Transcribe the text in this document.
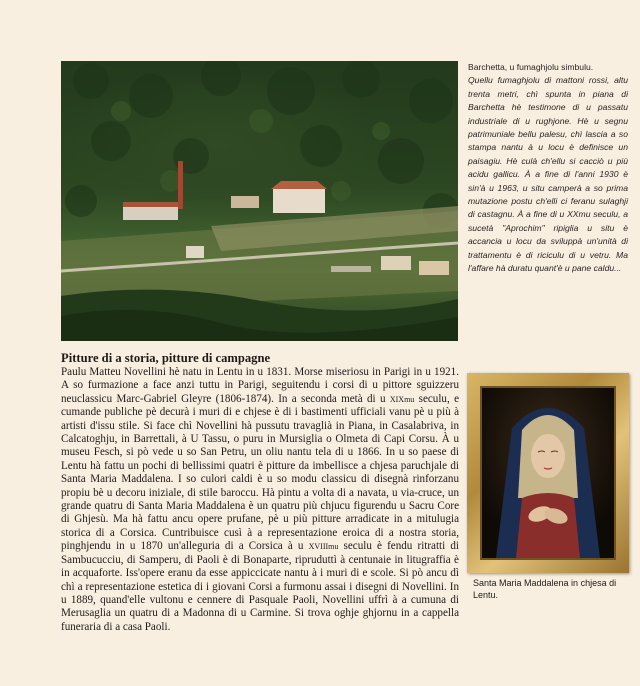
Barchetta, u fumaghjolu simbulu.
Quellu fumaghjolu di mattoni rossi, altu trenta metri, chì spunta in piana di Barchetta hè testimone di u passatu industriale di u rughjone. Hè u segnu patrimuniale bellu palesu, chì lascia a so stampa nantu à u locu è definisce un paisagiu. Hè culà ch'ellu si cacciò u più acidu gallicu. À a fine di l'anni 1930 è sin'à u 1963, u situ camperà a so prima mutazione postu ch'elli ci feranu sulaghji di castagnu. À a fine di u XXmu seculu, a sucetà "Aprochim" ripiglia u situ è accancia u locu da sviluppà un'unità di trattamentu è di riciculu di u vetru. Ma l'affare hà duratu quant'è u pane caldu...
Pitture di a storia, pitture di campagne
Paulu Matteu Novellini hè natu in Lentu in u 1831. Morse miseriosu in Parigi in u 1921. A so furmazione a face anzi tuttu in Parigi, seguitendu i corsi di u pittore sguizzeru neuclassicu Marc-Gabriel Gleyre (1806-1874). In a seconda metà di u XIXmu seculu, e cumande publiche pè decurà i muri di e chjese è di i bastimenti ufficiali vanu pè u più à artisti d'issu stile. Si face chì Novellini hà pussutu travaglià in Piana, in Casalabriva, in Calcatoghju, in Barrettali, à U Tassu, o puru in Mursiglia o Olmeta di Capi Corsu. À u museu Fesch, si pò vede u so San Petru, un oliu nantu tela di u 1866. In u so paese di Lentu hà fattu un pochi di bellissimi quatri è pitture da imbellisce a chjesa paruchjale di Santa Maria Maddalena. I so culori caldi è u so modu classicu di disegnà rinforzanu propiu bè u decoru iniziale, di stile baroccu. Hà pintu a volta di a navata, u via-cruce, un grande quatru di Santa Maria Maddalena è un quatru più chjucu figurendu u Sacru Core di Ghjesù. Ma hà fattu ancu opere prufane, pè u più pitture arradicate in a mitulugia storica di a Corsica. Cuntribuisce cusì à a representazione eroica di a nostra storia, pinghjendu in u 1870 un'alleguria di a Corsica à u XVIIImu seculu è fendu ritratti di Sambucucciu, di Samperu, di Paoli è di Bonaparte, ripruduttì à centunaie in litugraffia è in acquaforte. Iss'opere eranu da esse appiccicate nantu à i muri di e scole. Si pò ancu dì chì a representazione estetica di i giovani Corsi a furmonu assai i disegni di Novellini. In u 1889, quand'elle vultonu e cennere di Pasquale Paoli, Novellini uffrì à a cumuna di Merusaglia un quatru di a Madonna di u Carmine. Si trova oghje ghjornu in a cappella funeraria di a casa Paoli.
Santa Maria Maddalena in chjesa di Lentu.
